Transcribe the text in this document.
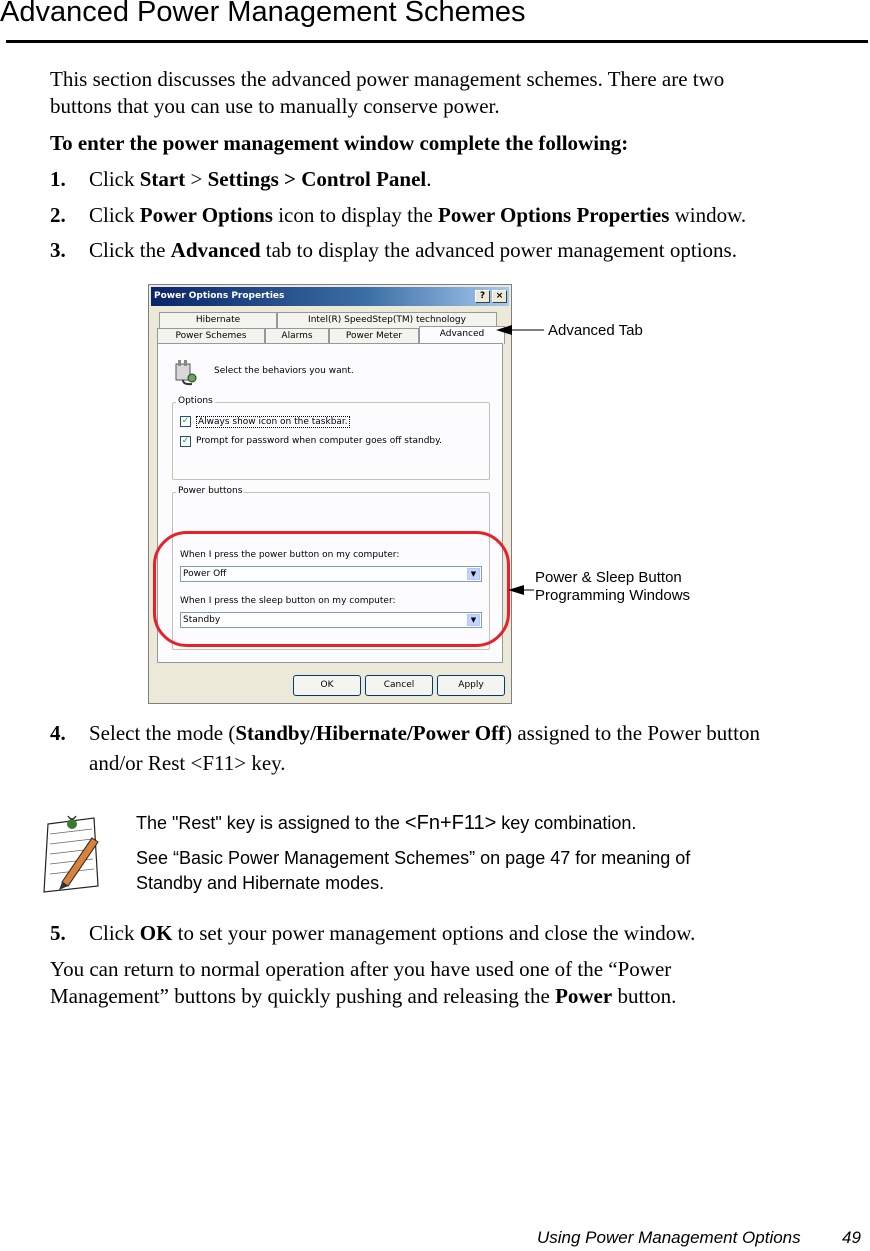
Advanced Power Management Schemes
This section discusses the advanced power management schemes. There are two
buttons that you can use to manually conserve power.
To enter the power management window complete the following:
1. Click Start > Settings > Control Panel.
2. Click Power Options icon to display the Power Options Properties window.
3. Click the Advanced tab to display the advanced power management options.
Power Options Properties	?	×
Hibernate	Intel(R) SpeedStep(TM) technology
Power Schemes	Alarms	Power Meter	Advanced
Select the behaviors you want.
Options
✓ Always show icon on the taskbar.
✓ Prompt for password when computer goes off standby.
Power buttons
When I press the power button on my computer:
Power Off	▼
When I press the sleep button on my computer:
Standby	▼
OK	Cancel	Apply
Advanced Tab
Power & Sleep Button
Programming Windows
4. Select the mode (Standby/Hibernate/Power Off) assigned to the Power button
and/or Rest <F11> key.
The "Rest" key is assigned to the <Fn+F11> key combination.
See “Basic Power Management Schemes” on page 47 for meaning of
Standby and Hibernate modes.
5. Click OK to set your power management options and close the window.
You can return to normal operation after you have used one of the “Power
Management” buttons by quickly pushing and releasing the Power button.
Using Power Management Options 49
